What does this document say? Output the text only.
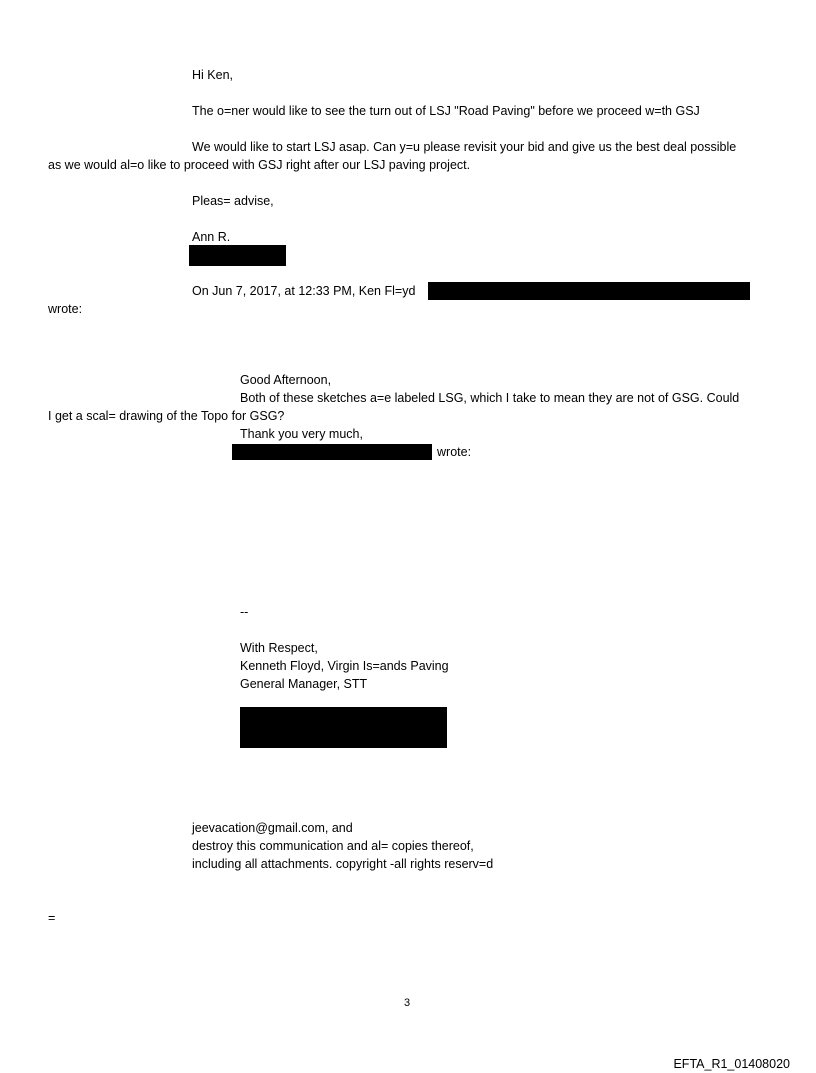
Hi Ken,
The o=ner would like to see the turn out of LSJ "Road Paving" before we proceed w=th GSJ
We would like to start LSJ asap. Can y=u please revisit your bid and give us the best deal possible
as we would al=o like to proceed with GSJ right after our LSJ paving project.
Pleas= advise,
Ann R.
On Jun 7, 2017, at 12:33 PM, Ken Fl=yd
wrote:
Good Afternoon,
Both of these sketches a=e labeled LSG, which I take to mean they are not of GSG. Could
I get a scal= drawing of the Topo for GSG?
Thank you very much,
wrote:
--
With Respect,
Kenneth Floyd, Virgin Is=ands Paving
General Manager, STT
jeevacation@gmail.com, and
destroy this communication and al= copies thereof,
including all attachments. copyright -all rights reserv=d
=
3
EFTA_R1_01408020
